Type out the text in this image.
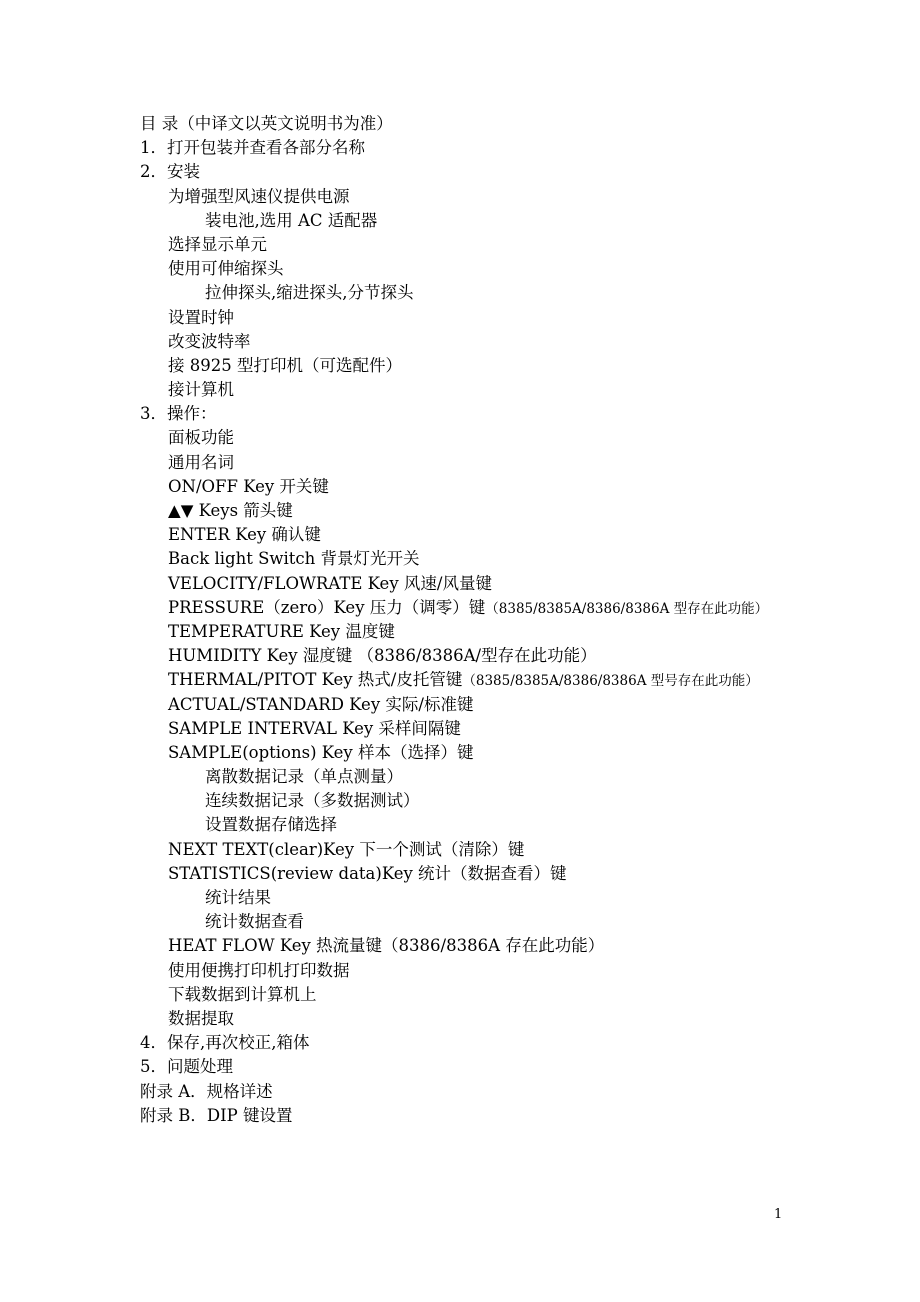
目 录（中译文以英文说明书为准）
1．打开包装并查看各部分名称
2．安装
为增强型风速仪提供电源
装电池,选用 AC 适配器
选择显示单元
使用可伸缩探头
拉伸探头,缩进探头,分节探头
设置时钟
改变波特率
接 8925 型打印机（可选配件）
接计算机
3．操作：
面板功能
通用名词
ON/OFF Key 开关键
▲▼ Keys 箭头键
ENTER Key 确认键
Back light Switch 背景灯光开关
VELOCITY/FLOWRATE Key 风速/风量键
PRESSURE（zero）Key 压力（调零）键（8385/8385A/8386/8386A 型存在此功能）
TEMPERATURE Key 温度键
HUMIDITY Key 湿度键 （8386/8386A/型存在此功能）
THERMAL/PITOT Key 热式/皮托管键（8385/8385A/8386/8386A 型号存在此功能）
ACTUAL/STANDARD Key 实际/标准键
SAMPLE INTERVAL Key 采样间隔键
SAMPLE(options) Key 样本（选择）键
离散数据记录（单点测量）
连续数据记录（多数据测试）
设置数据存储选择
NEXT TEXT(clear)Key 下一个测试（清除）键
STATISTICS(review data)Key 统计（数据查看）键
统计结果
统计数据查看
HEAT FLOW Key 热流量键（8386/8386A 存在此功能）
使用便携打印机打印数据
下载数据到计算机上
数据提取
4．保存,再次校正,箱体
5．问题处理
附录 A．规格详述
附录 B．DIP 键设置
1
